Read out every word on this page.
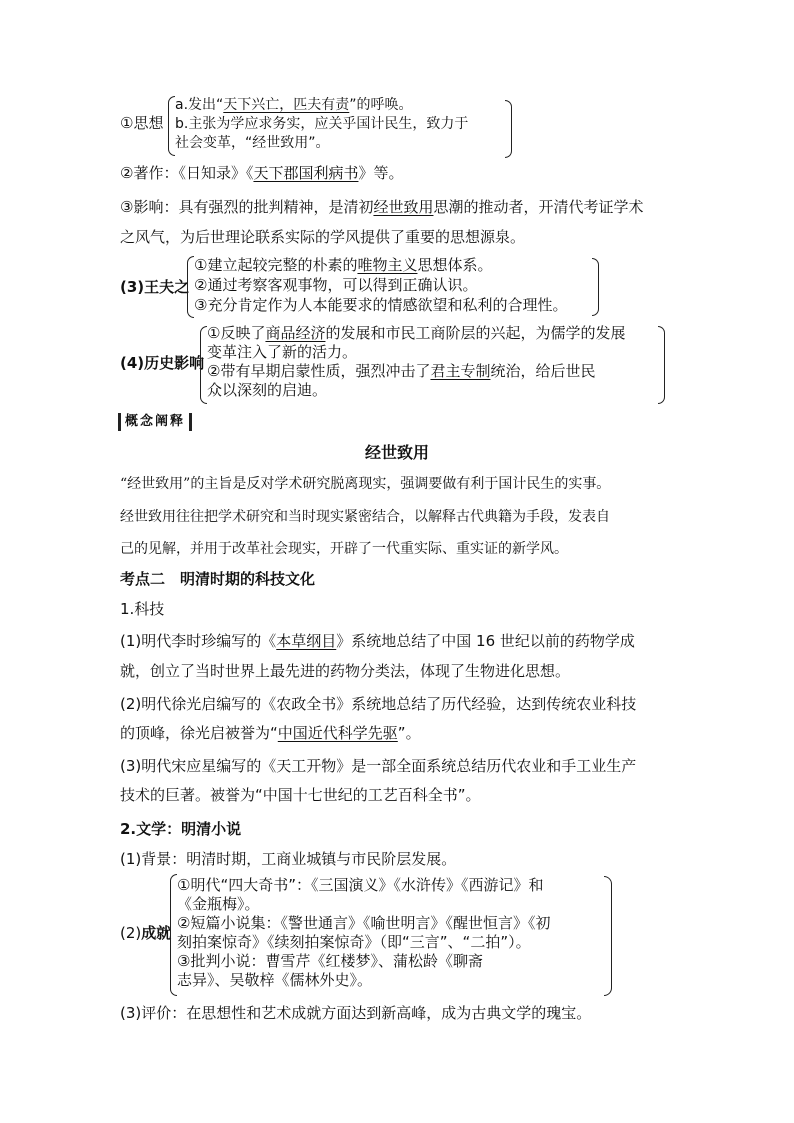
①思想
a.发出“天下兴亡，匹夫有责”的呼唤。
b.主张为学应求务实，应关乎国计民生，致力于
社会变革，“经世致用”。
②著作：《日知录》《天下郡国利病书》等。
③影响：具有强烈的批判精神，是清初经世致用思潮的推动者，开清代考证学术
之风气，为后世理论联系实际的学风提供了重要的思想源泉。
(3)王夫之
①建立起较完整的朴素的唯物主义思想体系。
②通过考察客观事物，可以得到正确认识。
③充分肯定作为人本能要求的情感欲望和私利的合理性。
(4)历史影响
①反映了商品经济的发展和市民工商阶层的兴起，为儒学的发展
变革注入了新的活力。
②带有早期启蒙性质，强烈冲击了君主专制统治，给后世民
众以深刻的启迪。
概念阐释
经世致用
“经世致用”的主旨是反对学术研究脱离现实，强调要做有利于国计民生的实事。
经世致用往往把学术研究和当时现实紧密结合，以解释古代典籍为手段，发表自
己的见解，并用于改革社会现实，开辟了一代重实际、重实证的新学风。
考点二　明清时期的科技文化
1.科技
(1)明代李时珍编写的《本草纲目》系统地总结了中国 16 世纪以前的药物学成
就，创立了当时世界上最先进的药物分类法，体现了生物进化思想。
(2)明代徐光启编写的《农政全书》系统地总结了历代经验，达到传统农业科技
的顶峰，徐光启被誉为“中国近代科学先驱”。
(3)明代宋应星编写的《天工开物》是一部全面系统总结历代农业和手工业生产
技术的巨著。被誉为“中国十七世纪的工艺百科全书”。
2.文学：明清小说
(1)背景：明清时期，工商业城镇与市民阶层发展。
(2)成就
①明代“四大奇书”：《三国演义》《水浒传》《西游记》和
《金瓶梅》。
②短篇小说集：《警世通言》《喻世明言》《醒世恒言》《初
刻拍案惊奇》《续刻拍案惊奇》（即“三言”、“二拍”）。
③批判小说：曹雪芹《红楼梦》、蒲松龄《聊斋
志异》、吴敬梓《儒林外史》。
(3)评价：在思想性和艺术成就方面达到新高峰，成为古典文学的瑰宝。
